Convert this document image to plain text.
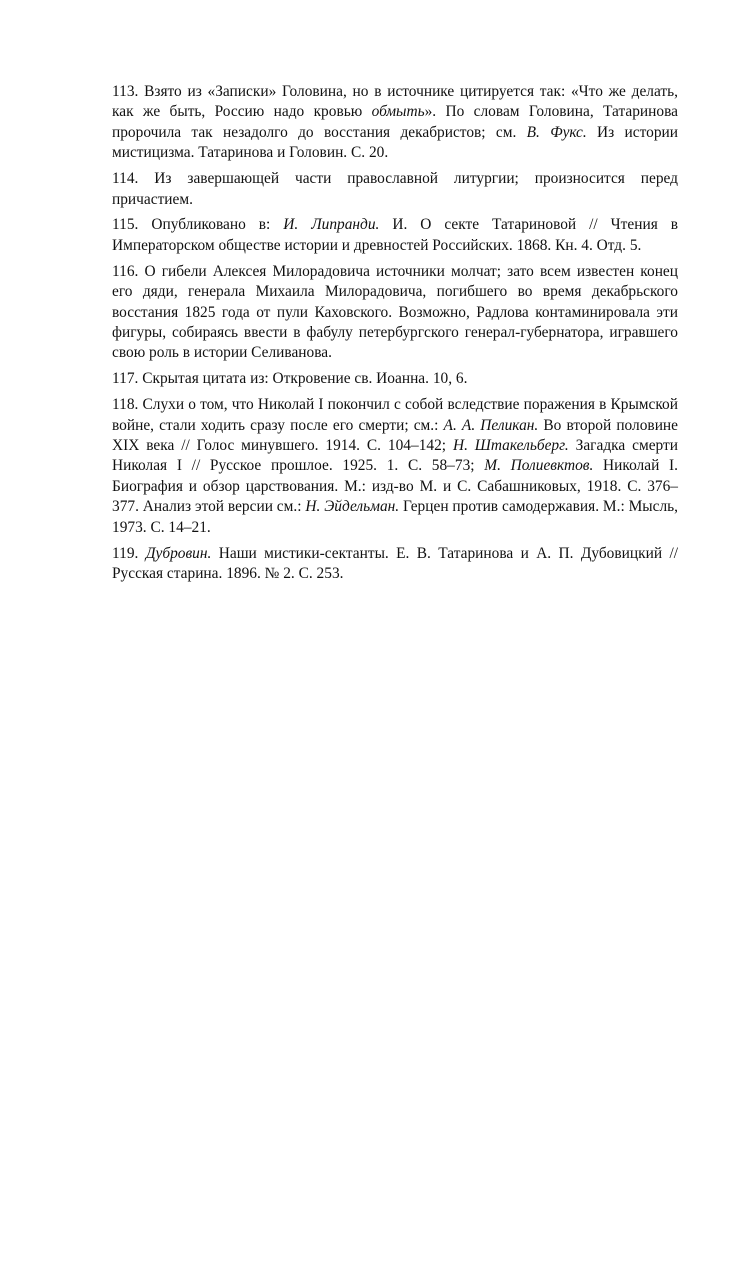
113. Взято из «Записки» Головина, но в источнике цитируется так: «Что же делать, как же быть, Россию надо кровью обмыть». По словам Головина, Татаринова пророчила так незадолго до восстания декабристов; см. В. Фукс. Из истории мистицизма. Татаринова и Головин. С. 20.

114. Из завершающей части православной литургии; произносится перед причастием.

115. Опубликовано в: И. Липранди. И. О секте Татариновой // Чтения в Императорском обществе истории и древностей Российских. 1868. Кн. 4. Отд. 5.

116. О гибели Алексея Милорадовича источники молчат; зато всем известен конец его дяди, генерала Михаила Милорадовича, погибшего во время декабрьского восстания 1825 года от пули Каховского. Возможно, Радлова контаминировала эти фигуры, собираясь ввести в фабулу петербургского генерал-губернатора, игравшего свою роль в истории Селиванова.

117. Скрытая цитата из: Откровение св. Иоанна. 10, 6.

118. Слухи о том, что Николай I покончил с собой вследствие поражения в Крымской войне, стали ходить сразу после его смерти; см.: А. А. Пеликан. Во второй половине XIX века // Голос минувшего. 1914. С. 104–142; Н. Штакельберг. Загадка смерти Николая I // Русское прошлое. 1925. 1. С. 58–73; М. Полиевктов. Николай I. Биография и обзор царствования. М.: изд-во М. и С. Сабашниковых, 1918. С. 376–377. Анализ этой версии см.: Н. Эйдельман. Герцен против самодержавия. М.: Мысль, 1973. С. 14–21.

119. Дубровин. Наши мистики-сектанты. Е. В. Татаринова и А. П. Дубовицкий // Русская старина. 1896. № 2. С. 253.
